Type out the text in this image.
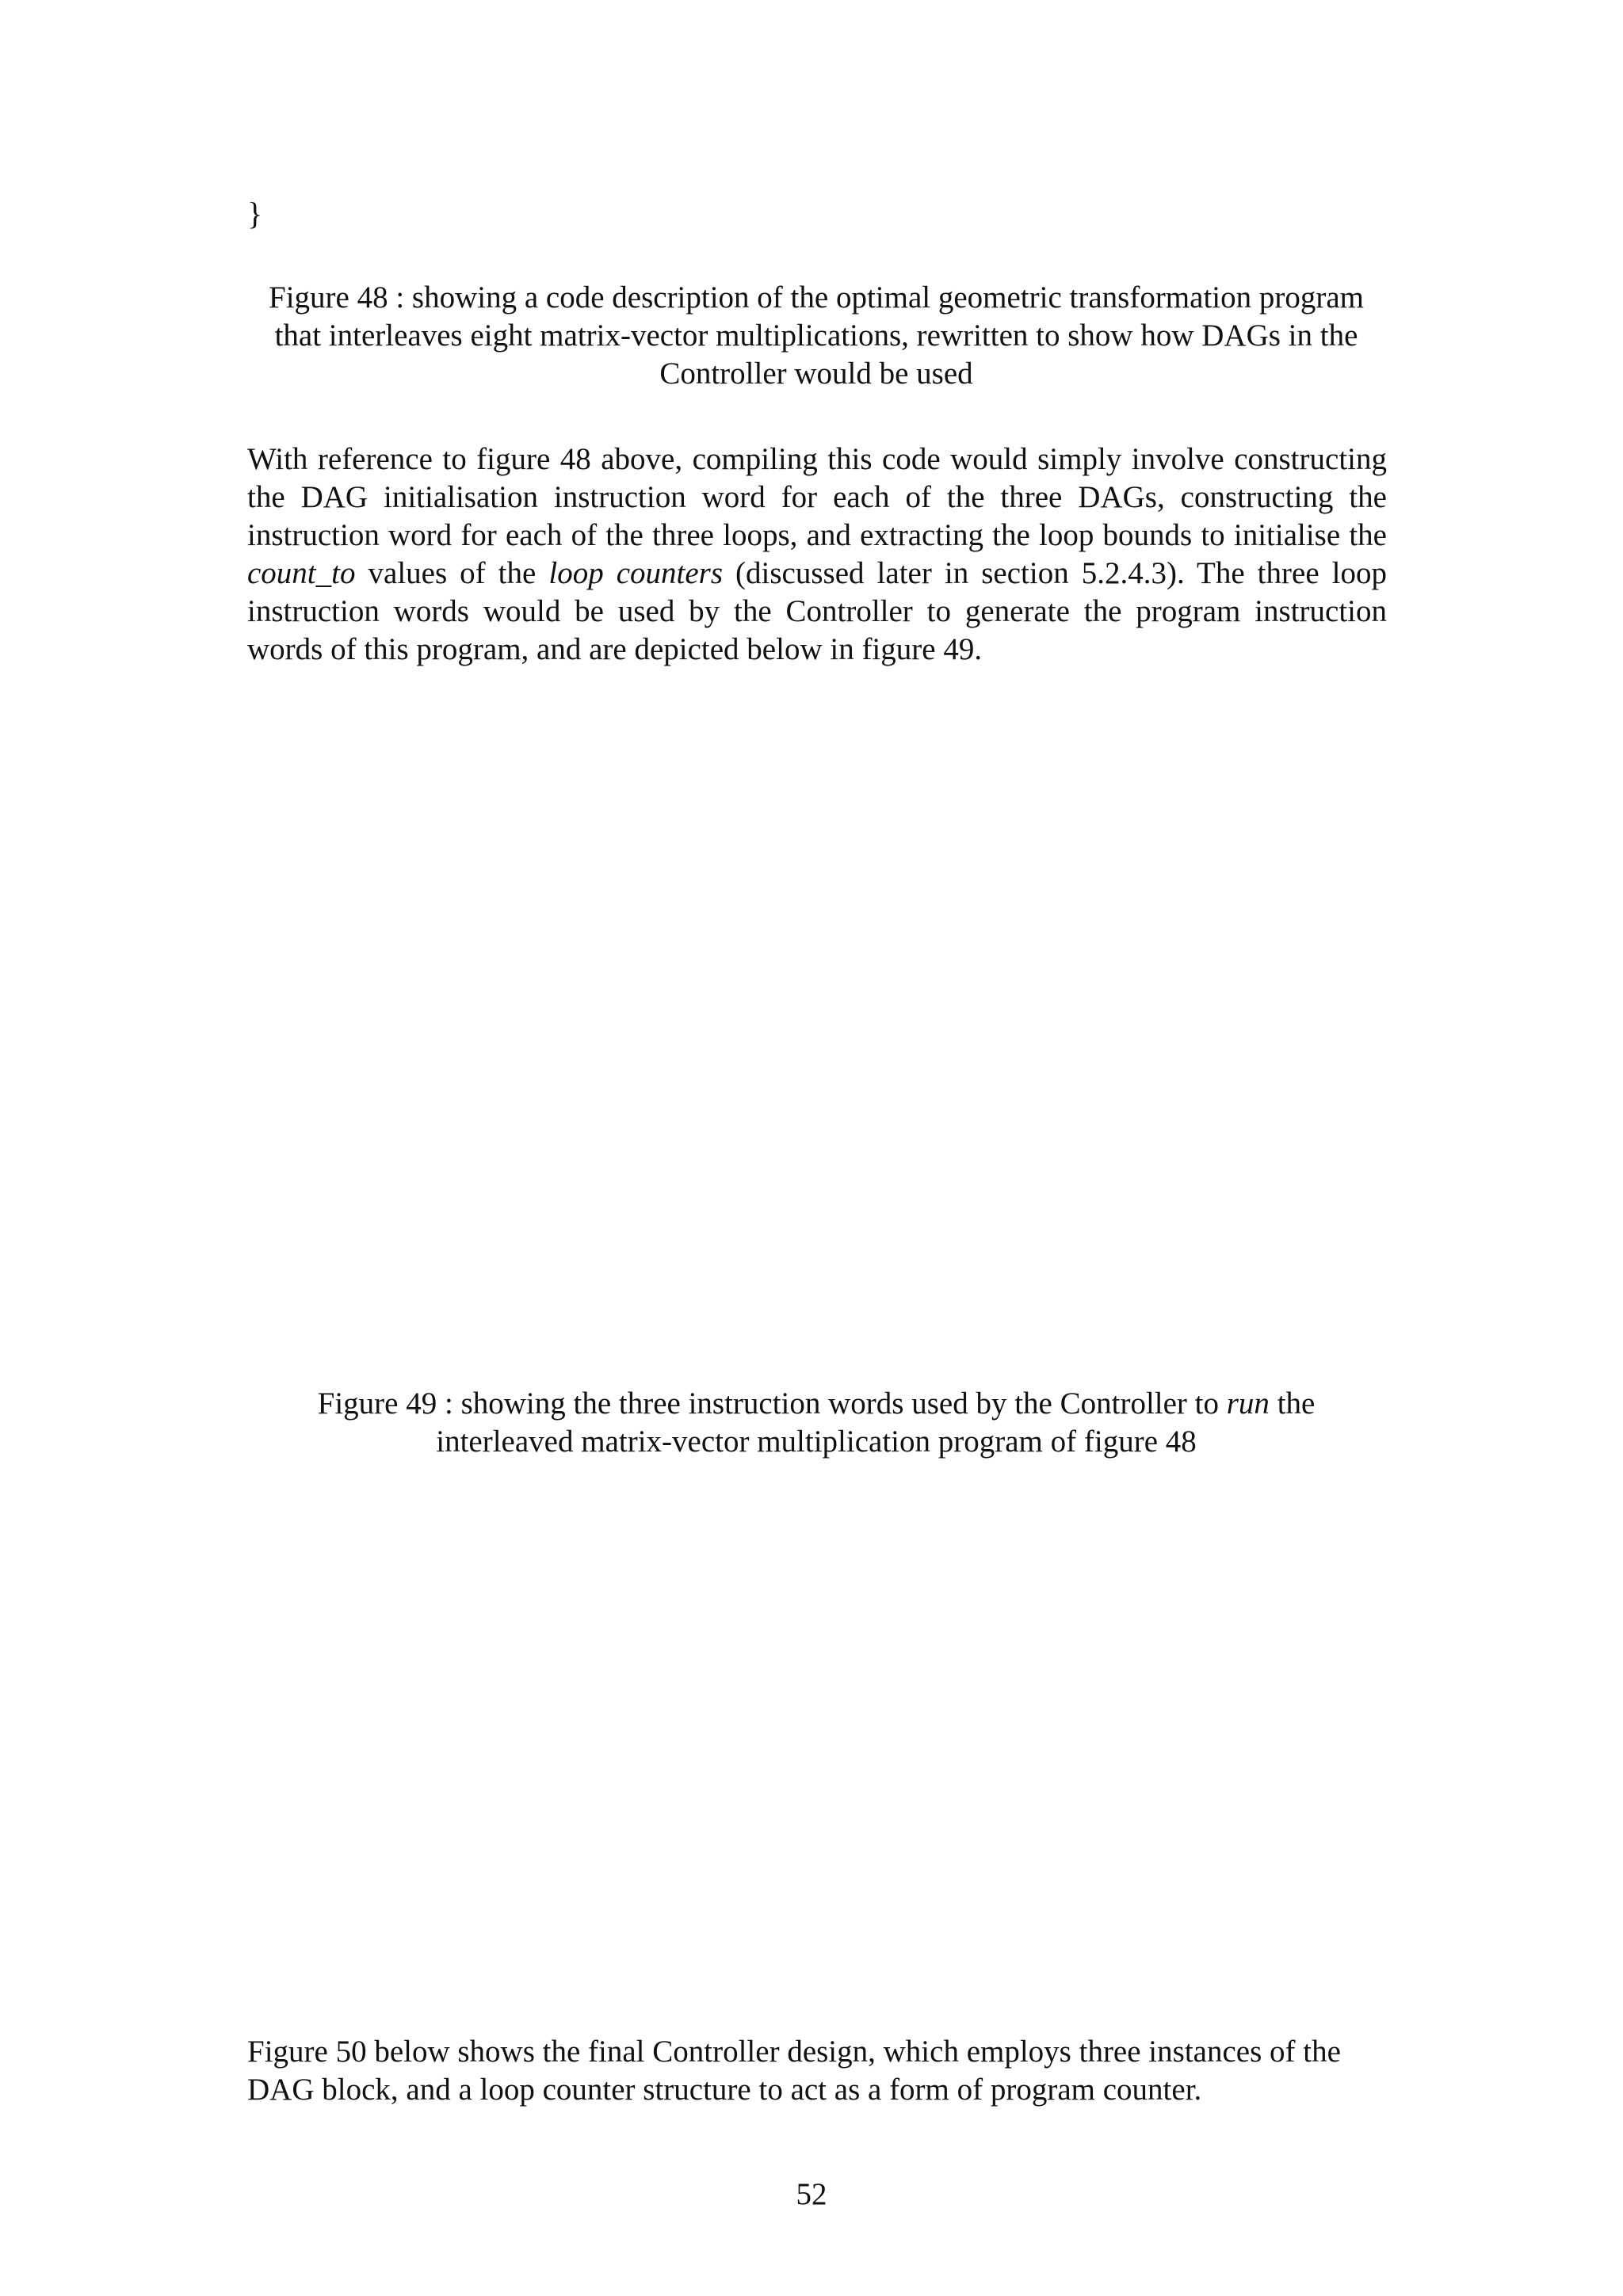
}
Figure 48 : showing a code description of the optimal geometric transformation program that interleaves eight matrix-vector multiplications, rewritten to show how DAGs in the Controller would be used
With reference to figure 48 above, compiling this code would simply involve constructing the DAG initialisation instruction word for each of the three DAGs, constructing the instruction word for each of the three loops, and extracting the loop bounds to initialise the count_to values of the loop counters (discussed later in section 5.2.4.3). The three loop instruction words would be used by the Controller to generate the program instruction words of this program, and are depicted below in figure 49.
Figure 49 : showing the three instruction words used by the Controller to run the interleaved matrix-vector multiplication program of figure 48
Figure 50 below shows the final Controller design, which employs three instances of the DAG block, and a loop counter structure to act as a form of program counter.
52
